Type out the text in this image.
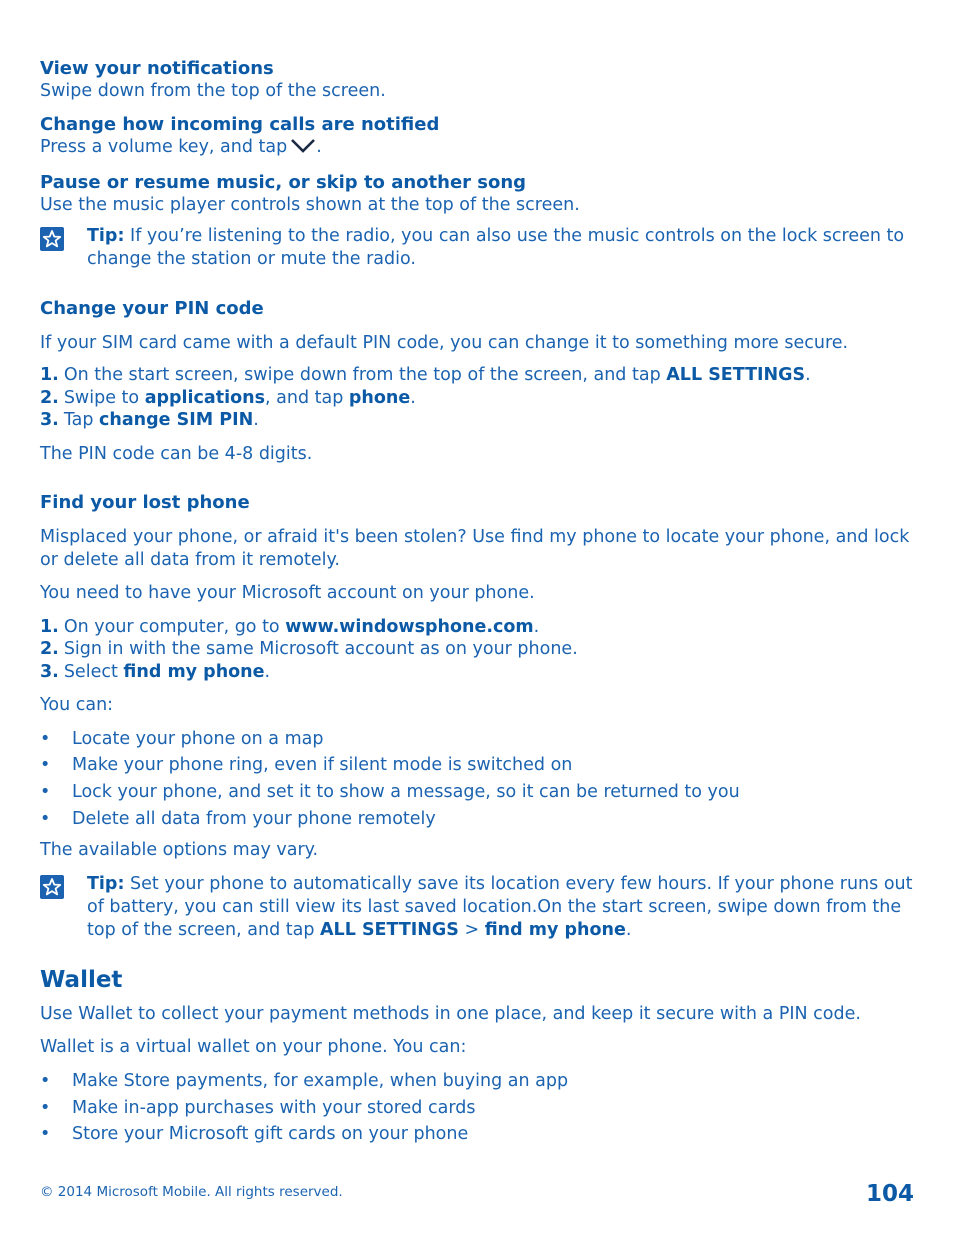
View your notifications
Swipe down from the top of the screen.
Change how incoming calls are notified
Press a volume key, and tap .
Pause or resume music, or skip to another song
Use the music player controls shown at the top of the screen.
Tip: If you’re listening to the radio, you can also use the music controls on the lock screen to change the station or mute the radio.
Change your PIN code
If your SIM card came with a default PIN code, you can change it to something more secure.
1. On the start screen, swipe down from the top of the screen, and tap ALL SETTINGS.
2. Swipe to applications, and tap phone.
3. Tap change SIM PIN.
The PIN code can be 4-8 digits.
Find your lost phone
Misplaced your phone, or afraid it's been stolen? Use find my phone to locate your phone, and lock or delete all data from it remotely.
You need to have your Microsoft account on your phone.
1. On your computer, go to www.windowsphone.com.
2. Sign in with the same Microsoft account as on your phone.
3. Select find my phone.
You can:
• Locate your phone on a map
• Make your phone ring, even if silent mode is switched on
• Lock your phone, and set it to show a message, so it can be returned to you
• Delete all data from your phone remotely
The available options may vary.
Tip: Set your phone to automatically save its location every few hours. If your phone runs out of battery, you can still view its last saved location.On the start screen, swipe down from the top of the screen, and tap ALL SETTINGS > find my phone.
Wallet
Use Wallet to collect your payment methods in one place, and keep it secure with a PIN code.
Wallet is a virtual wallet on your phone. You can:
• Make Store payments, for example, when buying an app
• Make in-app purchases with your stored cards
• Store your Microsoft gift cards on your phone
© 2014 Microsoft Mobile. All rights reserved.	104
